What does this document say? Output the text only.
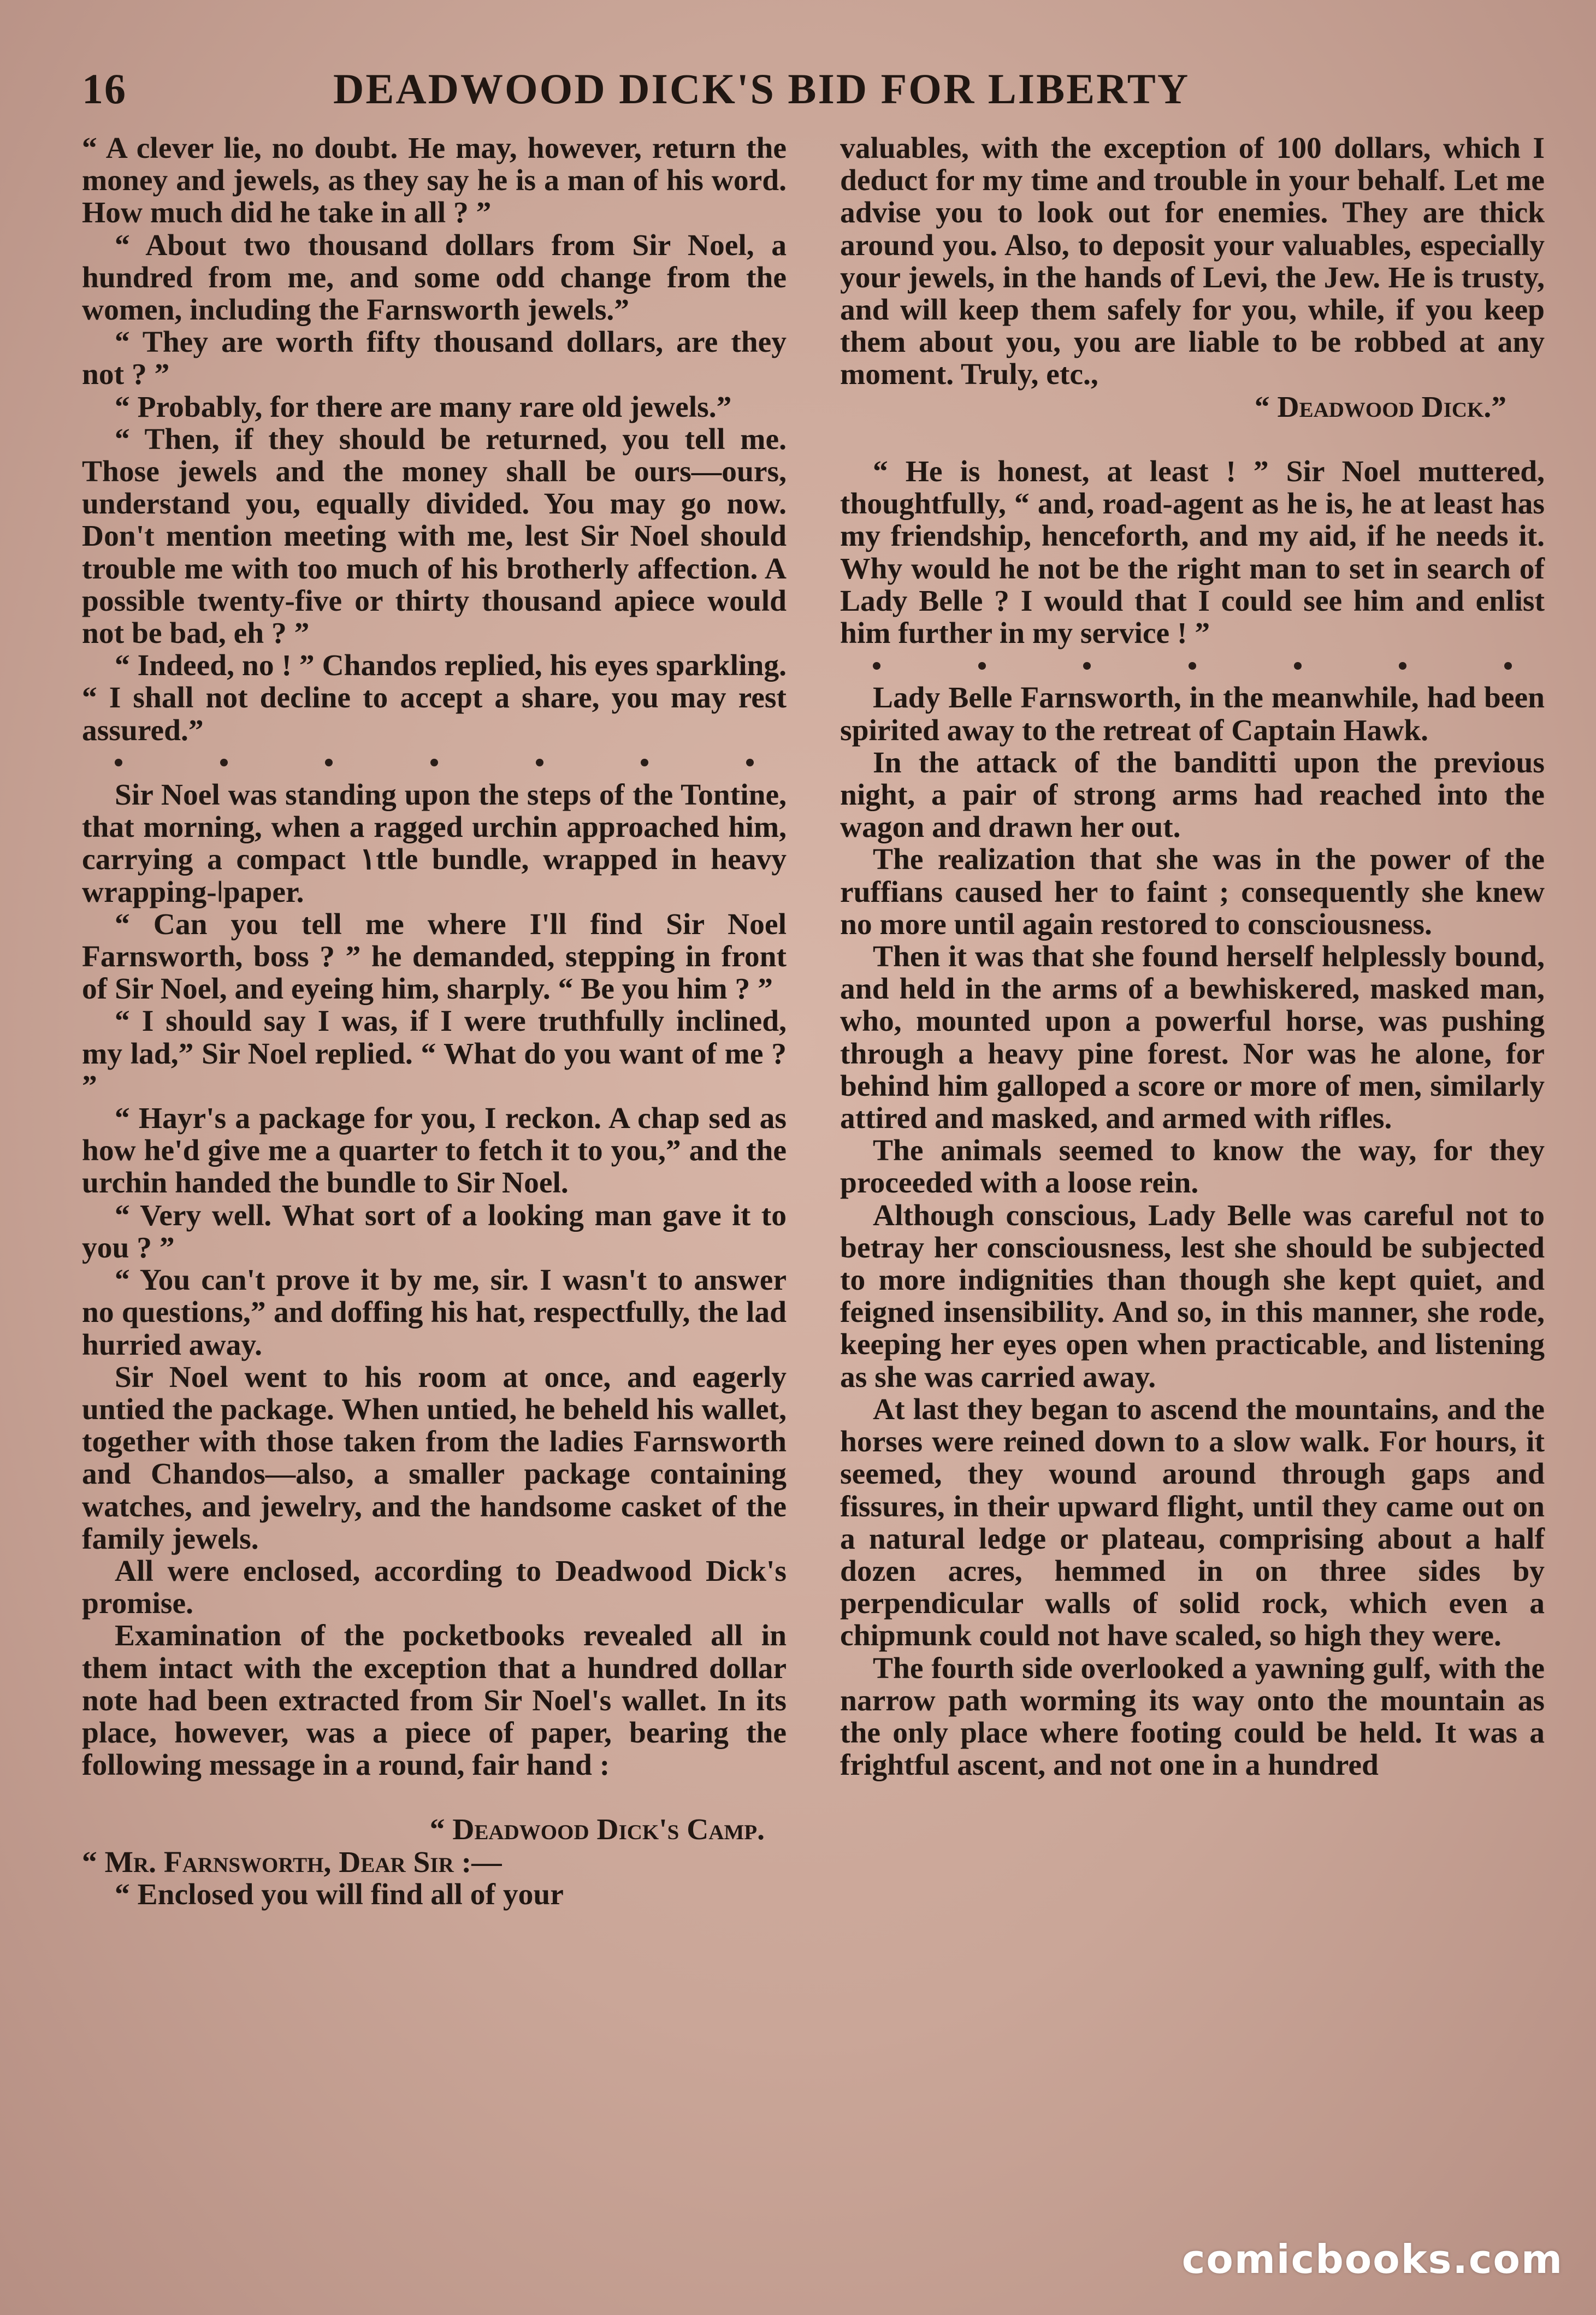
16	DEADWOOD DICK'S BID FOR LIBERTY

“ A clever lie, no doubt. He may, however, return the money and jewels, as they say he is a man of his word. How much did he take in all ? ”

“ About two thousand dollars from Sir Noel, a hundred from me, and some odd change from the women, including the Farnsworth jewels.”

“ They are worth fifty thousand dollars, are they not ? ”

“ Probably, for there are many rare old jewels.”

“ Then, if they should be returned, you tell me. Those jewels and the money shall be ours—ours, understand you, equally divided. You may go now. Don't mention meeting with me, lest Sir Noel should trouble me with too much of his brotherly affection. A possible twenty-five or thirty thousand apiece would not be bad, eh ? ”

“ Indeed, no ! ” Chandos replied, his eyes sparkling. “ I shall not decline to accept a share, you may rest assured.”

Sir Noel was standing upon the steps of the Tontine, that morning, when a ragged urchin approached him, carrying a compact ۱ttle bundle, wrapped in heavy wrapping-ǀpaper.

“ Can you tell me where I'll find Sir Noel Farnsworth, boss ? ” he demanded, stepping in front of Sir Noel, and eyeing him, sharply. “ Be you him ? ”

“ I should say I was, if I were truthfully inclined, my lad,” Sir Noel replied. “ What do you want of me ? ”

“ Hayr's a package for you, I reckon. A chap sed as how he'd give me a quarter to fetch it to you,” and the urchin handed the bundle to Sir Noel.

“ Very well. What sort of a looking man gave it to you ? ”

“ You can't prove it by me, sir. I wasn't to answer no questions,” and doffing his hat, respectfully, the lad hurried away.

Sir Noel went to his room at once, and eagerly untied the package. When untied, he beheld his wallet, together with those taken from the ladies Farnsworth and Chandos—also, a smaller package containing watches, and jewelry, and the handsome casket of the family jewels.

All were enclosed, according to Deadwood Dick's promise.

Examination of the pocketbooks revealed all in them intact with the exception that a hundred dollar note had been extracted from Sir Noel's wallet. In its place, however, was a piece of paper, bearing the following message in a round, fair hand :

“ Deadwood Dick's Camp.

“ Mr. Farnsworth, Dear Sir :—

“ Enclosed you will find all of your

valuables, with the exception of 100 dollars, which I deduct for my time and trouble in your behalf. Let me advise you to look out for enemies. They are thick around you. Also, to deposit your valuables, especially your jewels, in the hands of Levi, the Jew. He is trusty, and will keep them safely for you, while, if you keep them about you, you are liable to be robbed at any moment. Truly, etc.,

“ Deadwood Dick.”

“ He is honest, at least ! ” Sir Noel muttered, thoughtfully, “ and, road-agent as he is, he at least has my friendship, henceforth, and my aid, if he needs it. Why would he not be the right man to set in search of Lady Belle ? I would that I could see him and enlist him further in my service ! ”

Lady Belle Farnsworth, in the meanwhile, had been spirited away to the retreat of Captain Hawk.

In the attack of the banditti upon the previous night, a pair of strong arms had reached into the wagon and drawn her out.

The realization that she was in the power of the ruffians caused her to faint ; consequently she knew no more until again restored to consciousness.

Then it was that she found herself helplessly bound, and held in the arms of a bewhiskered, masked man, who, mounted upon a powerful horse, was pushing through a heavy pine forest. Nor was he alone, for behind him galloped a score or more of men, similarly attired and masked, and armed with rifles.

The animals seemed to know the way, for they proceeded with a loose rein.

Although conscious, Lady Belle was careful not to betray her consciousness, lest she should be subjected to more indignities than though she kept quiet, and feigned insensibility. And so, in this manner, she rode, keeping her eyes open when practicable, and listening as she was carried away.

At last they began to ascend the mountains, and the horses were reined down to a slow walk. For hours, it seemed, they wound around through gaps and fissures, in their upward flight, until they came out on a natural ledge or plateau, comprising about a half dozen acres, hemmed in on three sides by perpendicular walls of solid rock, which even a chipmunk could not have scaled, so high they were.

The fourth side overlooked a yawning gulf, with the narrow path worming its way onto the mountain as the only place where footing could be held. It was a frightful ascent, and not one in a hundred

comicbooks.com
